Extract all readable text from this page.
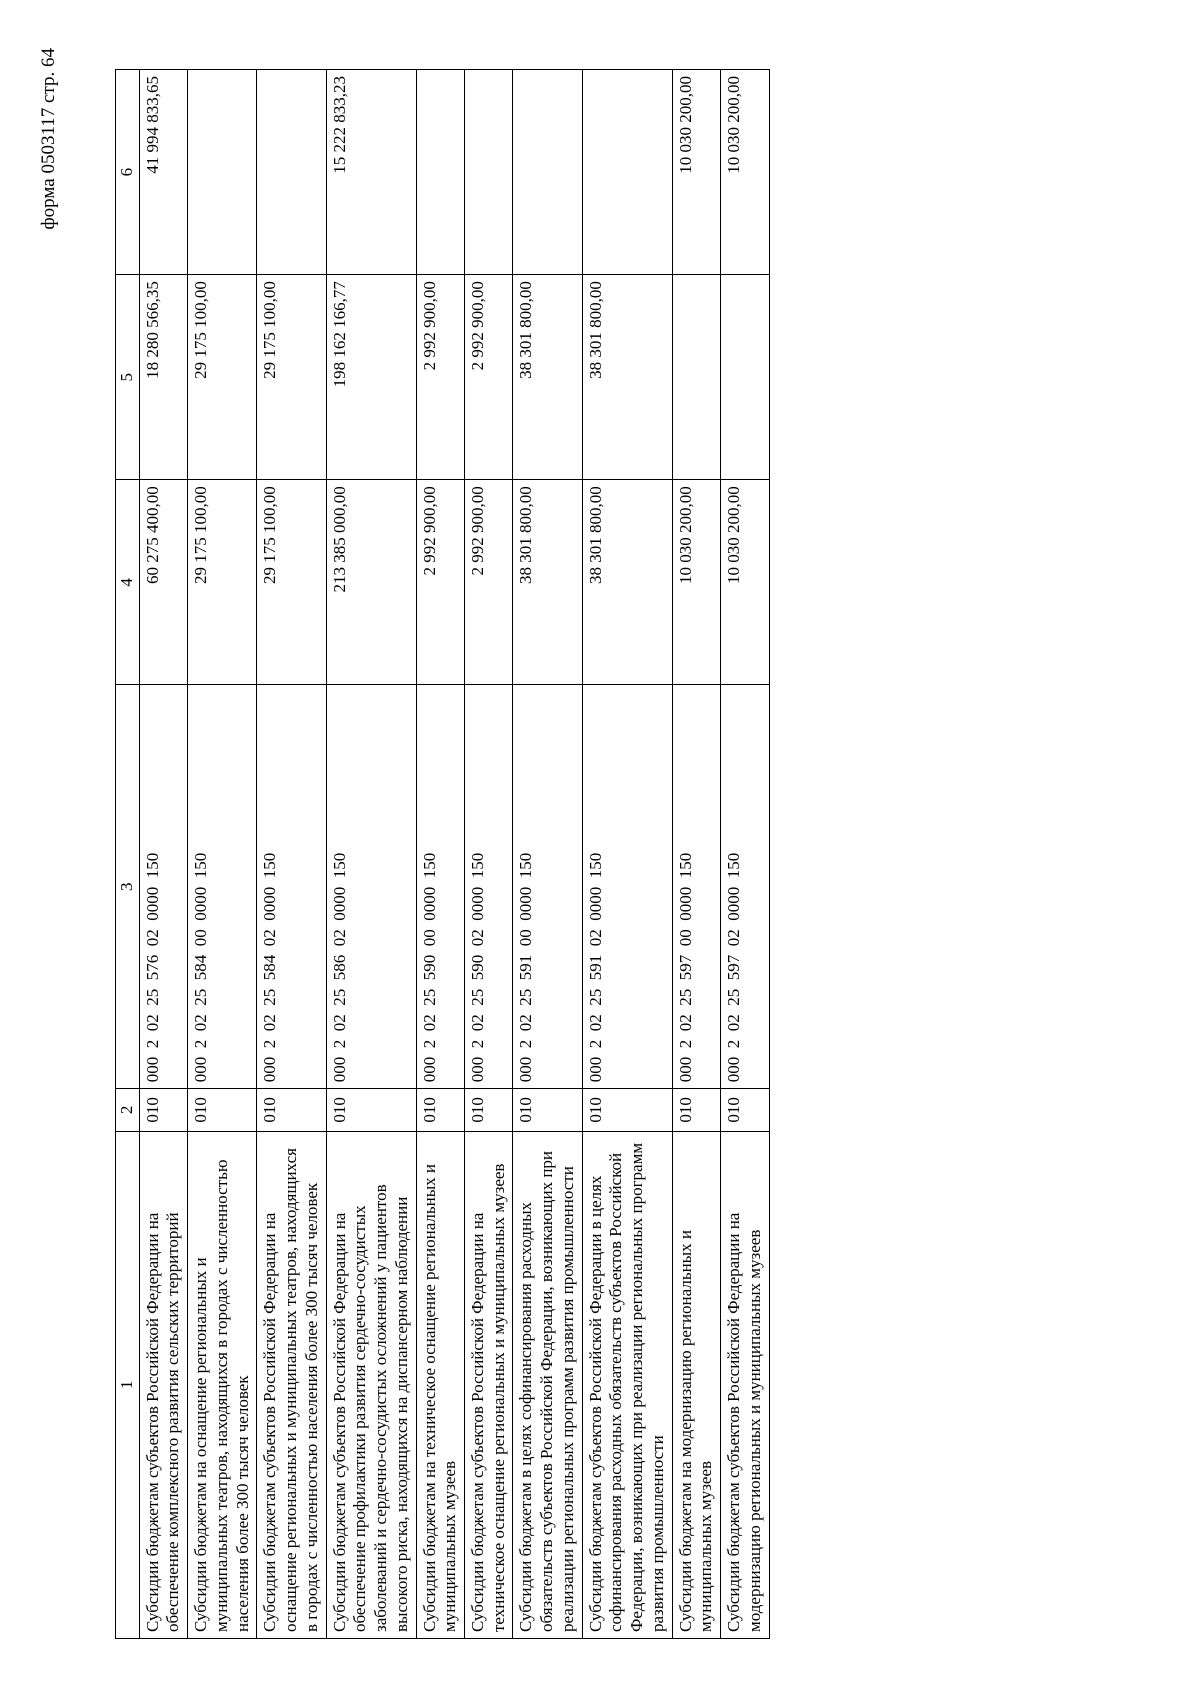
форма 0503117 стр. 64
1	2	3	4	5	6
Субсидии бюджетам субъектов Российской Федерации на обеспечение комплексного развития сельских территорий	010	000  2  02  25  576  02  0000  150	60 275 400,00	18 280 566,35	41 994 833,65
Субсидии бюджетам на оснащение региональных и муниципальных театров, находящихся в городах с численностью населения более 300 тысяч человек	010	000  2  02  25  584  00  0000  150	29 175 100,00	29 175 100,00	
Субсидии бюджетам субъектов Российской Федерации на оснащение региональных и муниципальных театров, находящихся в городах с численностью населения более 300 тысяч человек	010	000  2  02  25  584  02  0000  150	29 175 100,00	29 175 100,00	
Субсидии бюджетам субъектов Российской Федерации на обеспечение профилактики развития сердечно-сосудистых заболеваний и сердечно-сосудистых осложнений у пациентов высокого риска, находящихся на диспансерном наблюдении	010	000  2  02  25  586  02  0000  150	213 385 000,00	198 162 166,77	15 222 833,23
Субсидии бюджетам на техническое оснащение региональных и муниципальных музеев	010	000  2  02  25  590  00  0000  150	2 992 900,00	2 992 900,00	
Субсидии бюджетам субъектов Российской Федерации на техническое оснащение региональных и муниципальных музеев	010	000  2  02  25  590  02  0000  150	2 992 900,00	2 992 900,00	
Субсидии бюджетам в целях софинансирования расходных обязательств субъектов Российской Федерации, возникающих при реализации региональных программ развития промышленности	010	000  2  02  25  591  00  0000  150	38 301 800,00	38 301 800,00	
Субсидии бюджетам субъектов Российской Федерации в целях софинансирования расходных обязательств субъектов Российской Федерации, возникающих при реализации региональных программ развития промышленности	010	000  2  02  25  591  02  0000  150	38 301 800,00	38 301 800,00	
Субсидии бюджетам на модернизацию региональных и муниципальных музеев	010	000  2  02  25  597  00  0000  150	10 030 200,00		10 030 200,00
Субсидии бюджетам субъектов Российской Федерации на модернизацию региональных и муниципальных музеев	010	000  2  02  25  597  02  0000  150	10 030 200,00		10 030 200,00
